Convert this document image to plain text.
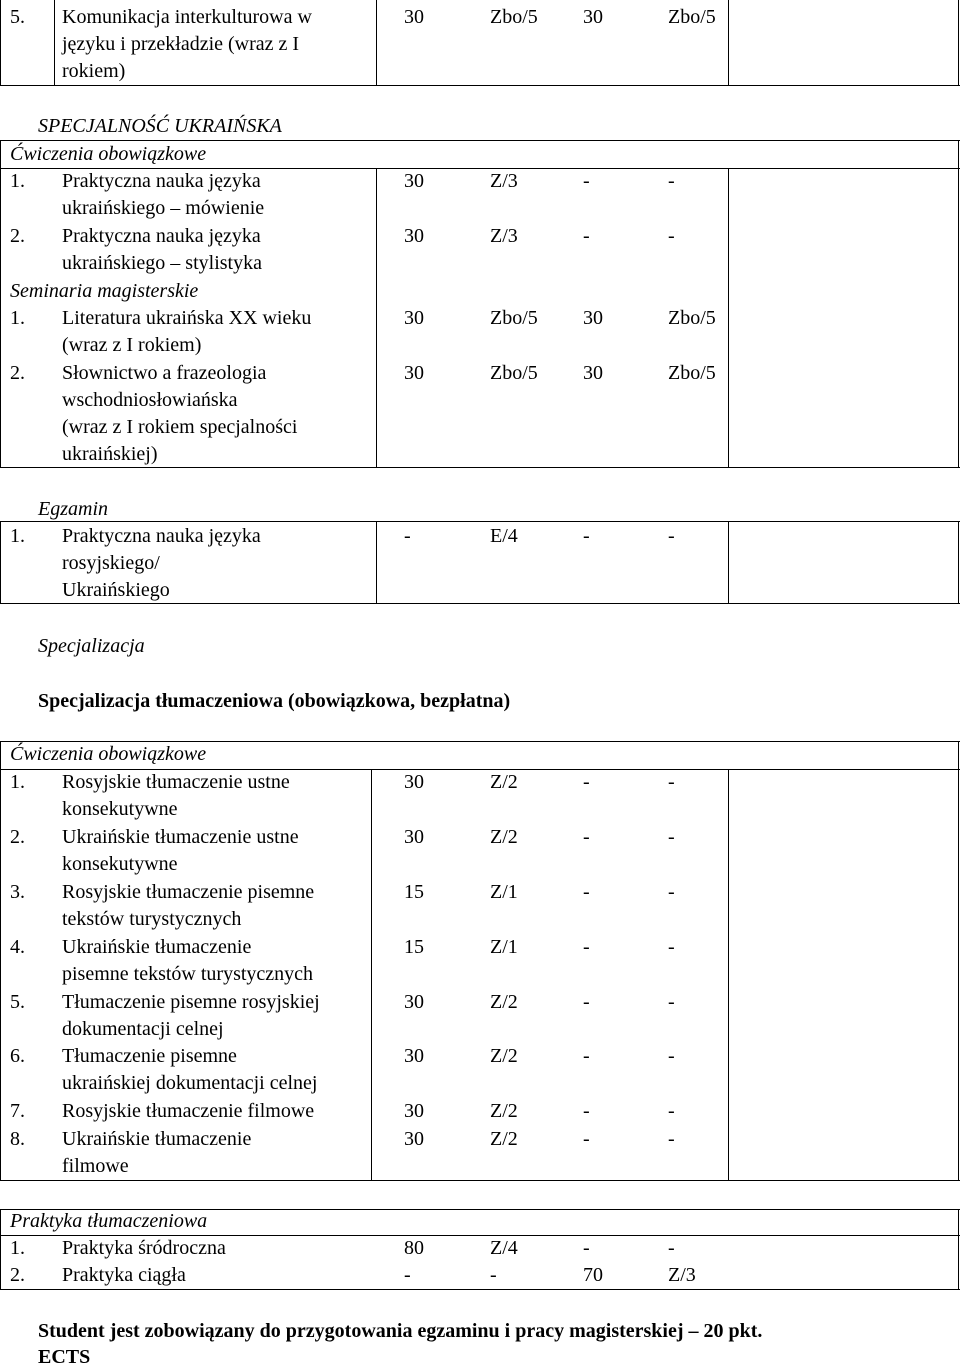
5. Komunikacja interkulturowa w
języku i przekładzie (wraz z I
rokiem)
30	Zbo/5 30	Zbo/5
SPECJALNOŚĆ UKRAIŃSKA
Ćwiczenia obowiązkowe
1. Praktyczna nauka języka
ukraińskiego – mówienie
30	Z/3	-	-
2. Praktyczna nauka języka
ukraińskiego – stylistyka
30	Z/3	-	-
Seminaria magisterskie
1. Literatura ukraińska XX wieku
(wraz z I rokiem)
30	Zbo/5 30	Zbo/5
2. Słownictwo a frazeologia
wschodniosłowiańska
(wraz z I rokiem specjalności
ukraińskiej)
30	Zbo/5 30	Zbo/5
Egzamin
1. Praktyczna nauka języka
rosyjskiego/
Ukraińskiego
-	E/4	-	-
Specjalizacja
Specjalizacja tłumaczeniowa (obowiązkowa, bezpłatna)
Ćwiczenia obowiązkowe
1. Rosyjskie tłumaczenie ustne
konsekutywne
30	Z/2	-	-
2. Ukraińskie tłumaczenie ustne
konsekutywne
30	Z/2	-	-
3. Rosyjskie tłumaczenie pisemne
tekstów turystycznych
15	Z/1	-	-
4. Ukraińskie tłumaczenie
pisemne tekstów turystycznych
15	Z/1	-	-
5. Tłumaczenie pisemne rosyjskiej
dokumentacji celnej
30	Z/2	-	-
6. Tłumaczenie pisemne
ukraińskiej dokumentacji celnej
30	Z/2	-	-
7. Rosyjskie tłumaczenie filmowe	30	Z/2	-	-
8. Ukraińskie tłumaczenie
filmowe
30	Z/2	-	-
Praktyka tłumaczeniowa
1. Praktyka śródroczna	80	Z/4	-	-
2. Praktyka ciągła	-	-	70	Z/3
Student jest zobowiązany do przygotowania egzaminu i pracy magisterskiej – 20 pkt.
ECTS
